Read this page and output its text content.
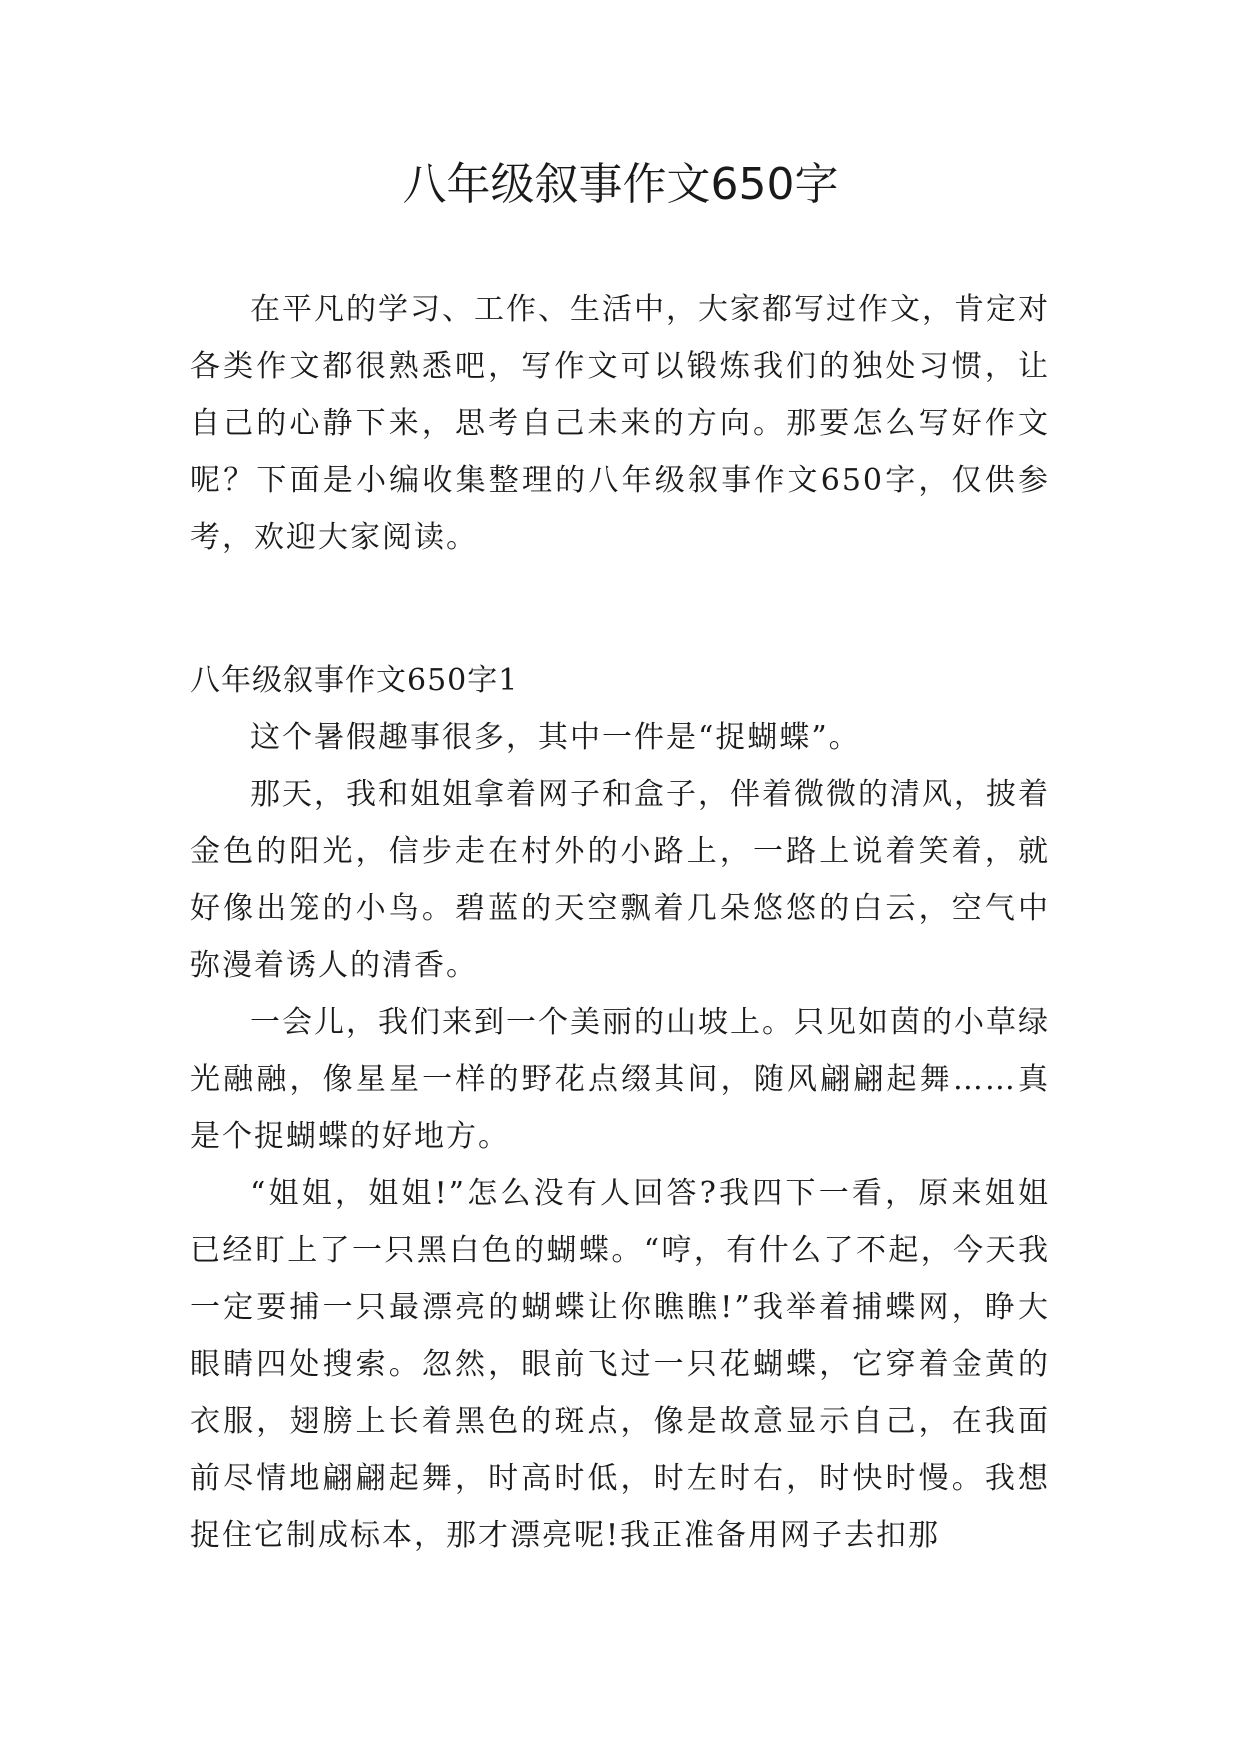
八年级叙事作文650字

在平凡的学习、工作、生活中，大家都写过作文，肯定对各类作文都很熟悉吧，写作文可以锻炼我们的独处习惯，让自己的心静下来，思考自己未来的方向。那要怎么写好作文呢？下面是小编收集整理的八年级叙事作文650字，仅供参考，欢迎大家阅读。

八年级叙事作文650字1

这个暑假趣事很多，其中一件是“捉蝴蝶”。

那天，我和姐姐拿着网子和盒子，伴着微微的清风，披着金色的阳光，信步走在村外的小路上，一路上说着笑着，就好像出笼的小鸟。碧蓝的天空飘着几朵悠悠的白云，空气中弥漫着诱人的清香。

一会儿，我们来到一个美丽的山坡上。只见如茵的小草绿光融融，像星星一样的野花点缀其间，随风翩翩起舞……真是个捉蝴蝶的好地方。

“姐姐，姐姐!”怎么没有人回答?我四下一看，原来姐姐已经盯上了一只黑白色的蝴蝶。“哼，有什么了不起，今天我一定要捕一只最漂亮的蝴蝶让你瞧瞧!”我举着捕蝶网，睁大眼睛四处搜索。忽然，眼前飞过一只花蝴蝶，它穿着金黄的衣服，翅膀上长着黑色的斑点，像是故意显示自己，在我面前尽情地翩翩起舞，时高时低，时左时右，时快时慢。我想捉住它制成标本，那才漂亮呢!我正准备用网子去扣那
